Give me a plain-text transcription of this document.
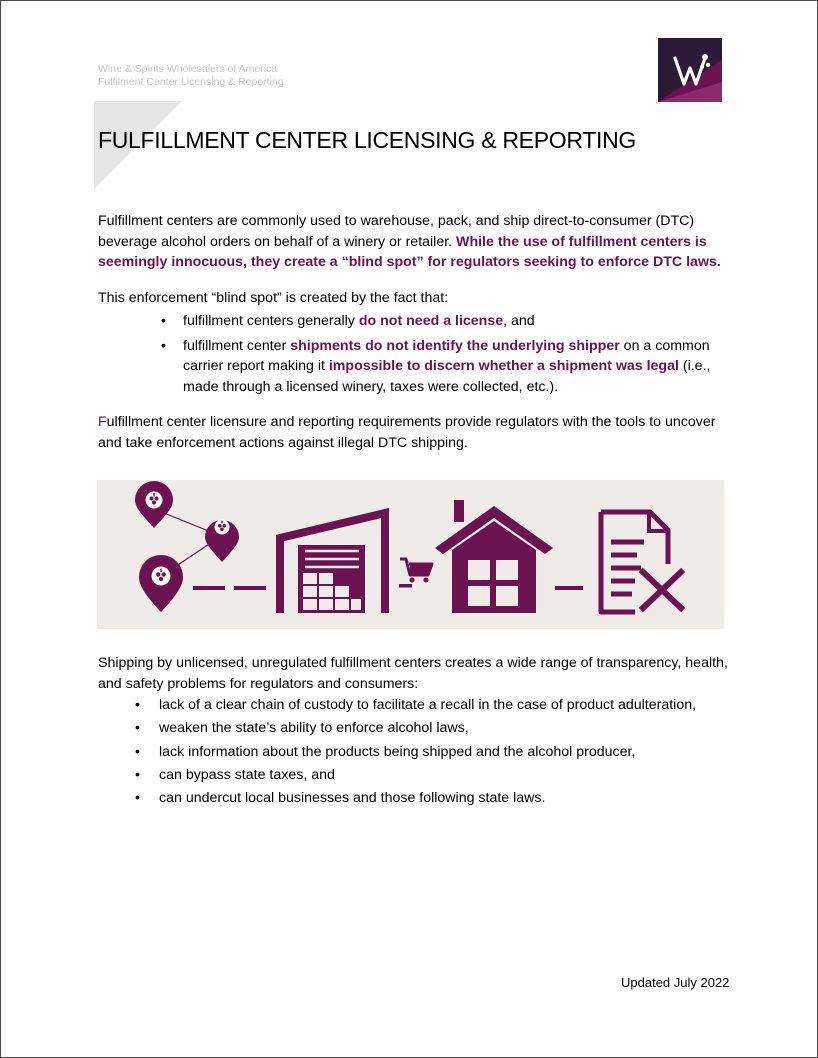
Wine & Spirits Wholesalers of America
Fulfilment Center Licensing & Reporting
FULFILLMENT CENTER LICENSING & REPORTING

Fulfillment centers are commonly used to warehouse, pack, and ship direct-to-consumer (DTC) beverage alcohol orders on behalf of a winery or retailer. While the use of fulfillment centers is seemingly innocuous, they create a “blind spot” for regulators seeking to enforce DTC laws.

This enforcement “blind spot” is created by the fact that:

• fulfillment centers generally do not need a license, and
• fulfillment center shipments do not identify the underlying shipper on a common carrier report making it impossible to discern whether a shipment was legal (i.e., made through a licensed winery, taxes were collected, etc.).

Fulfillment center licensure and reporting requirements provide regulators with the tools to uncover and take enforcement actions against illegal DTC shipping.

Shipping by unlicensed, unregulated fulfillment centers creates a wide range of transparency, health, and safety problems for regulators and consumers:

• lack of a clear chain of custody to facilitate a recall in the case of product adulteration,
• weaken the state’s ability to enforce alcohol laws,
• lack information about the products being shipped and the alcohol producer,
• can bypass state taxes, and
• can undercut local businesses and those following state laws.
Updated July 2022
